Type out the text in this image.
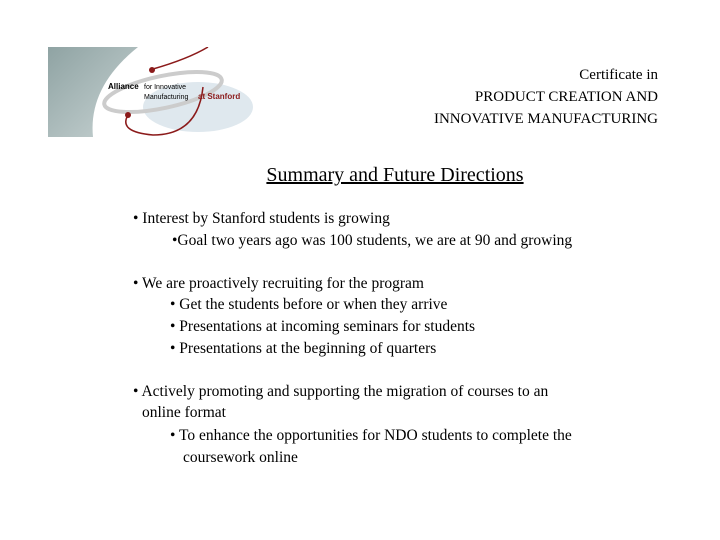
Alliance for Innovative
Manufacturing at Stanford
Certificate in
PRODUCT CREATION AND
INNOVATIVE MANUFACTURING
Summary and Future Directions
• Interest by Stanford students is growing
•Goal two years ago was 100 students, we are at 90 and growing
• We are proactively recruiting for the program
• Get the students before or when they arrive
• Presentations at incoming seminars for students
• Presentations at the beginning of quarters
• Actively promoting and supporting the migration of courses to an
online format
• To enhance the opportunities for NDO students to complete the
coursework online
